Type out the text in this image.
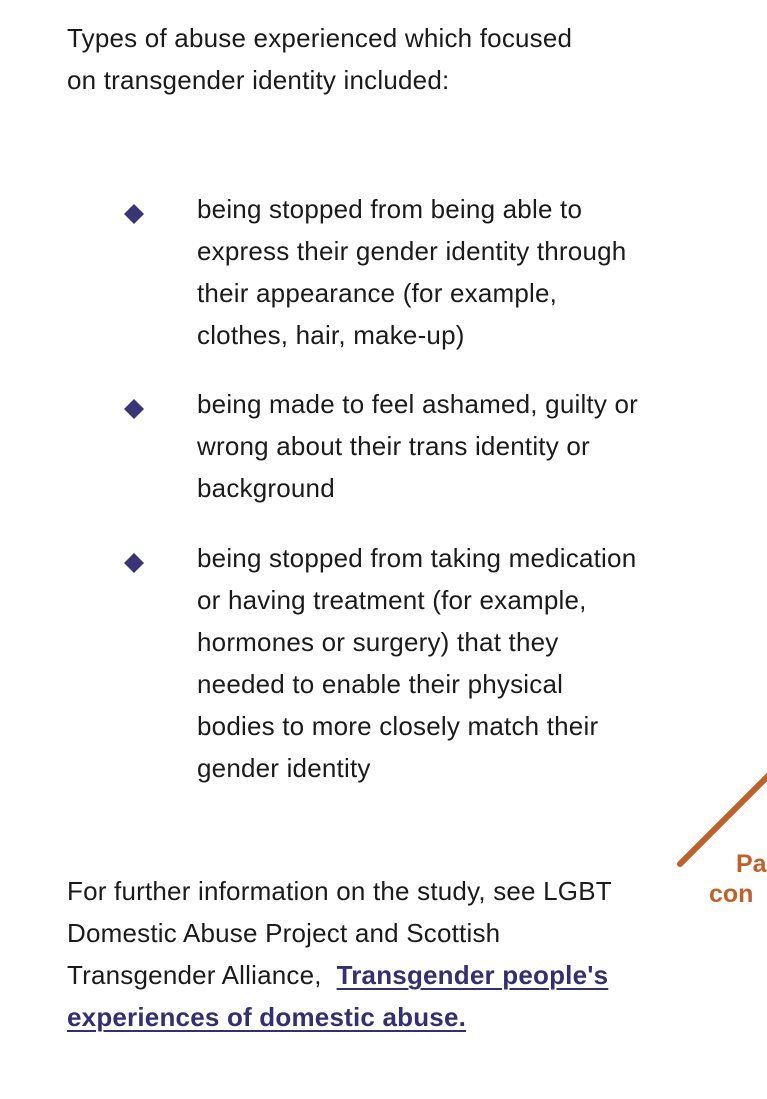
Types of abuse experienced which focused on transgender identity included:

being stopped from being able to express their gender identity through their appearance (for example, clothes, hair, make-up)

being made to feel ashamed, guilty or wrong about their trans identity or background

being stopped from taking medication or having treatment (for example, hormones or surgery) that they needed to enable their physical bodies to more closely match their gender identity

For further information on the study, see LGBT Domestic Abuse Project and Scottish Transgender Alliance, Transgender people's experiences of domestic abuse.

Pa
con
